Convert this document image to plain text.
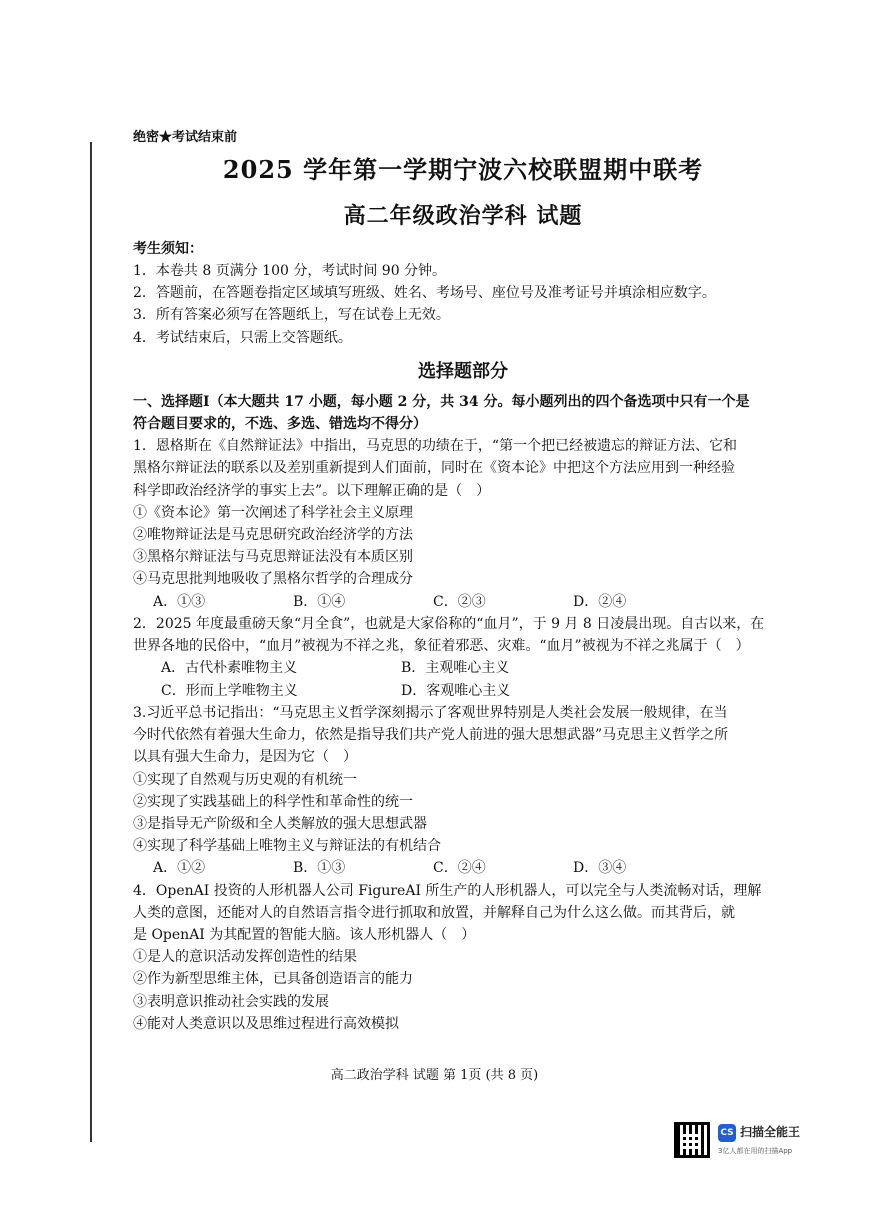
绝密★考试结束前
2025 学年第一学期宁波六校联盟期中联考
高二年级政治学科 试题
考生须知：
1．本卷共 8 页满分 100 分，考试时间 90 分钟。
2．答题前，在答题卷指定区域填写班级、姓名、考场号、座位号及准考证号并填涂相应数字。
3．所有答案必须写在答题纸上，写在试卷上无效。
4．考试结束后，只需上交答题纸。
选择题部分
一、选择题Ⅰ（本大题共 17 小题，每小题 2 分，共 34 分。每小题列出的四个备选项中只有一个是
符合题目要求的，不选、多选、错选均不得分）
1．恩格斯在《自然辩证法》中指出，马克思的功绩在于，“第一个把已经被遗忘的辩证方法、它和
黑格尔辩证法的联系以及差别重新提到人们面前，同时在《资本论》中把这个方法应用到一种经验
科学即政治经济学的事实上去”。以下理解正确的是（　）
①《资本论》第一次阐述了科学社会主义原理
②唯物辩证法是马克思研究政治经济学的方法
③黑格尔辩证法与马克思辩证法没有本质区别
④马克思批判地吸收了黑格尔哲学的合理成分
A．①③	B．①④	C．②③	D．②④
2．2025 年度最重磅天象“月全食”，也就是大家俗称的“血月”，于 9 月 8 日凌晨出现。自古以来，在
世界各地的民俗中，“血月”被视为不祥之兆，象征着邪恶、灾难。“血月”被视为不祥之兆属于（　）
A．古代朴素唯物主义	B．主观唯心主义
C．形而上学唯物主义	D．客观唯心主义
3.习近平总书记指出：“马克思主义哲学深刻揭示了客观世界特别是人类社会发展一般规律，在当
今时代依然有着强大生命力，依然是指导我们共产党人前进的强大思想武器”马克思主义哲学之所
以具有强大生命力，是因为它（　）
①实现了自然观与历史观的有机统一
②实现了实践基础上的科学性和革命性的统一
③是指导无产阶级和全人类解放的强大思想武器
④实现了科学基础上唯物主义与辩证法的有机结合
A．①②	B．①③	C．②④	D．③④
4．OpenAI 投资的人形机器人公司 FigureAI 所生产的人形机器人，可以完全与人类流畅对话，理解
人类的意图，还能对人的自然语言指令进行抓取和放置，并解释自己为什么这么做。而其背后，就
是 OpenAI 为其配置的智能大脑。该人形机器人（　）
①是人的意识活动发挥创造性的结果
②作为新型思维主体，已具备创造语言的能力
③表明意识推动社会实践的发展
④能对人类意识以及思维过程进行高效模拟
高二政治学科 试题 第 1页 (共 8 页)
CS 扫描全能王
3亿人都在用的扫描App
